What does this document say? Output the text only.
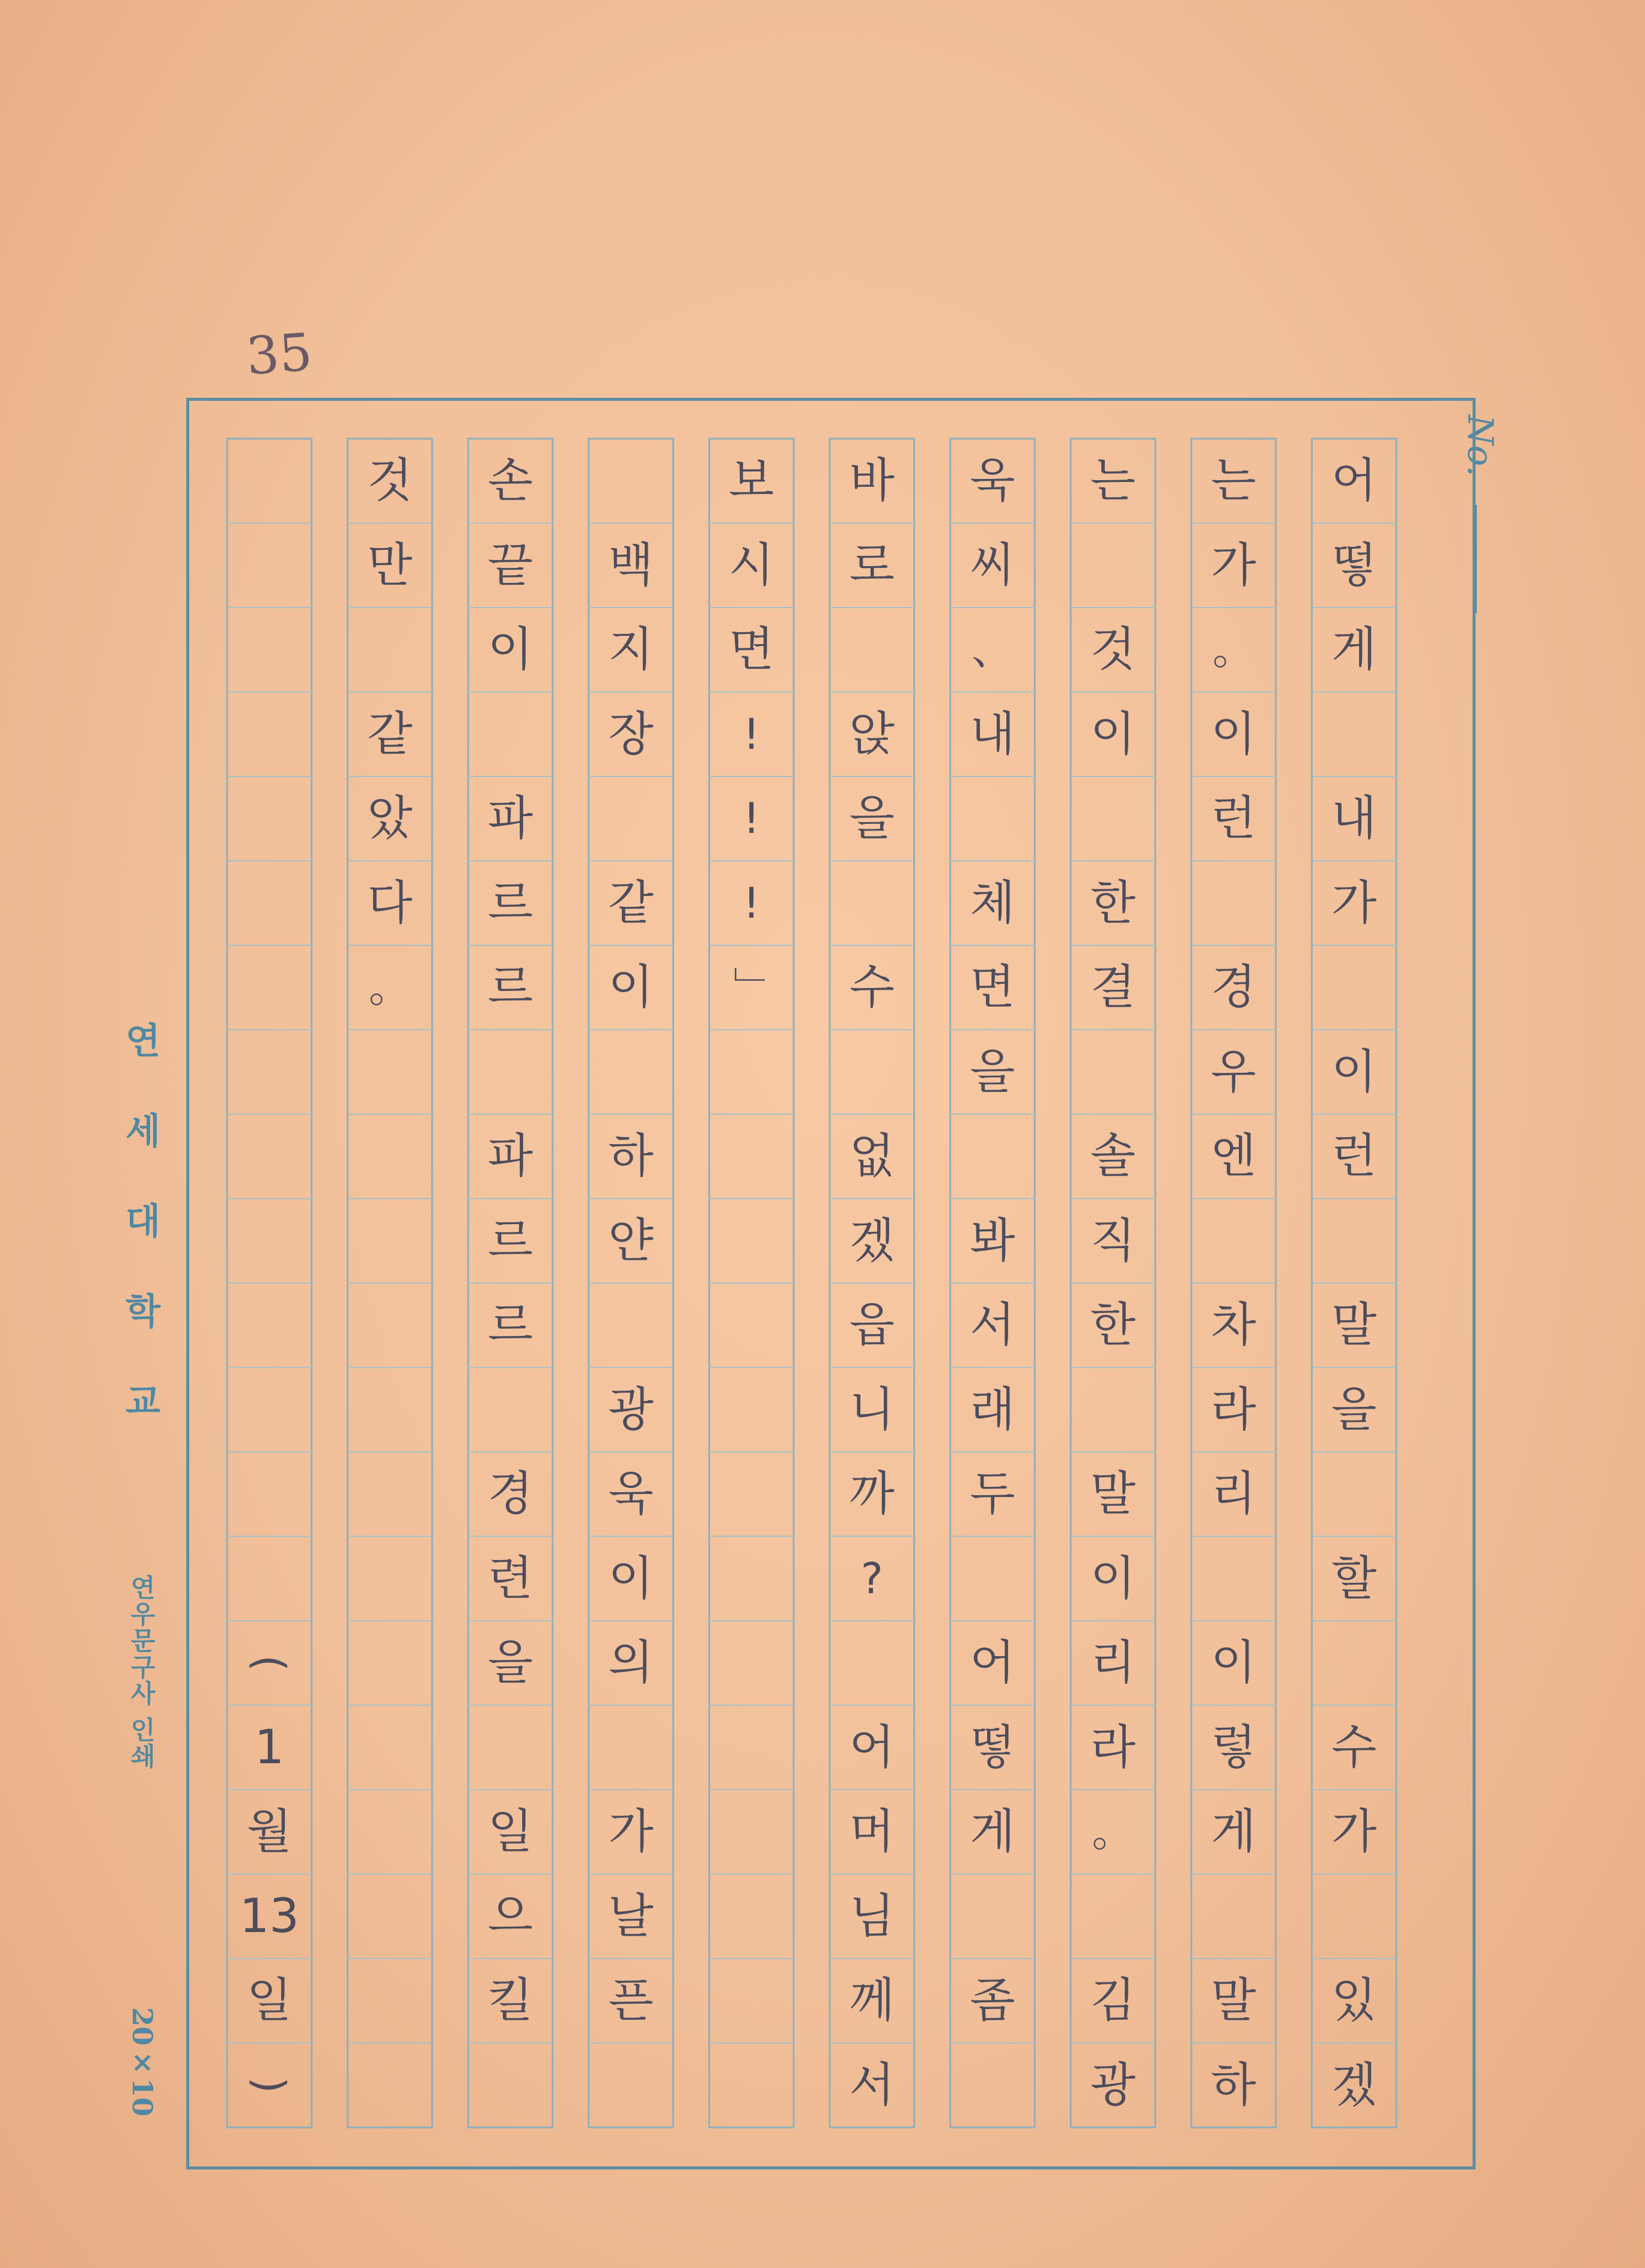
35
No.
어
떻
게
내
가
이
런
말
을
할
수
가
있
겠
는
가
。
이
런
경
우
엔
차
라
리
이
렇
게
말
하
는
것
이
한
결
솔
직
한
말
이
리
라
。
김
광
욱
씨
、
내
체
면
을
봐
서
래
두
어
떻
게
좀
바
로
앉
을
수
없
겠
읍
니
까
?
어
머
님
께
서
보
시
면
!
!
!
」
백
지
장
같
이
하
얀
광
욱
이
의
가
날
픈
손
끝
이
파
르
르
파
르
르
경
련
을
일
으
킬
것
만
같
았
다
。
(
1
월
13
일
)
연세대학교
연우문구사 인쇄
20×10
